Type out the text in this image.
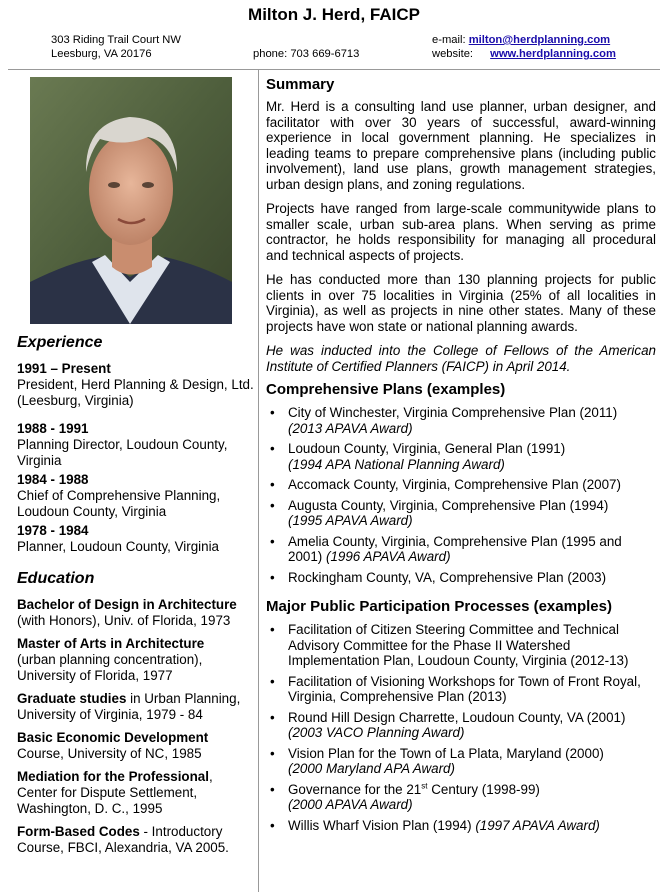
Milton J. Herd, FAICP
303 Riding Trail Court NW
Leesburg, VA 20176	phone: 703 669-6713
e-mail: milton@herdplanning.com
website: www.herdplanning.com
Experience
1991 – Present
President, Herd Planning & Design, Ltd. (Leesburg, Virginia)
1988 - 1991
Planning Director, Loudoun County, Virginia
1984 - 1988
Chief of Comprehensive Planning, Loudoun County, Virginia
1978 - 1984
Planner, Loudoun County, Virginia
Education
Bachelor of Design in Architecture
(with Honors), Univ. of Florida, 1973
Master of Arts in Architecture
(urban planning concentration), University of Florida, 1977
Graduate studies in Urban Planning, University of Virginia, 1979 - 84
Basic Economic Development
Course, University of NC, 1985
Mediation for the Professional, Center for Dispute Settlement, Washington, D. C., 1995
Form-Based Codes - Introductory Course, FBCI, Alexandria, VA 2005.
Summary

Mr. Herd is a consulting land use planner, urban designer, and facilitator with over 30 years of successful, award-winning experience in local government planning. He specializes in leading teams to prepare comprehensive plans (including public involvement), land use plans, growth management strategies, urban design plans, and zoning regulations.

Projects have ranged from large-scale communitywide plans to smaller scale, urban sub-area plans. When serving as prime contractor, he holds responsibility for managing all procedural and technical aspects of projects.

He has conducted more than 130 planning projects for public clients in over 75 localities in Virginia (25% of all localities in Virginia), as well as projects in nine other states. Many of these projects have won state or national planning awards.

He was inducted into the College of Fellows of the American Institute of Certified Planners (FAICP) in April 2014.

Comprehensive Plans (examples)
• City of Winchester, Virginia Comprehensive Plan (2011)
(2013 APAVA Award)
• Loudoun County, Virginia, General Plan (1991)
(1994 APA National Planning Award)
• Accomack County, Virginia, Comprehensive Plan (2007)
• Augusta County, Virginia, Comprehensive Plan (1994)
(1995 APAVA Award)
• Amelia County, Virginia, Comprehensive Plan (1995 and 2001) (1996 APAVA Award)
• Rockingham County, VA, Comprehensive Plan (2003)
Major Public Participation Processes (examples)
• Facilitation of Citizen Steering Committee and Technical Advisory Committee for the Phase II Watershed Implementation Plan, Loudoun County, Virginia (2012-13)
• Facilitation of Visioning Workshops for Town of Front Royal, Virginia, Comprehensive Plan (2013)
• Round Hill Design Charrette, Loudoun County, VA (2001)
(2003 VACO Planning Award)
• Vision Plan for the Town of La Plata, Maryland (2000)
(2000 Maryland APA Award)
• Governance for the 21st Century (1998-99)
(2000 APAVA Award)
• Willis Wharf Vision Plan (1994) (1997 APAVA Award)
